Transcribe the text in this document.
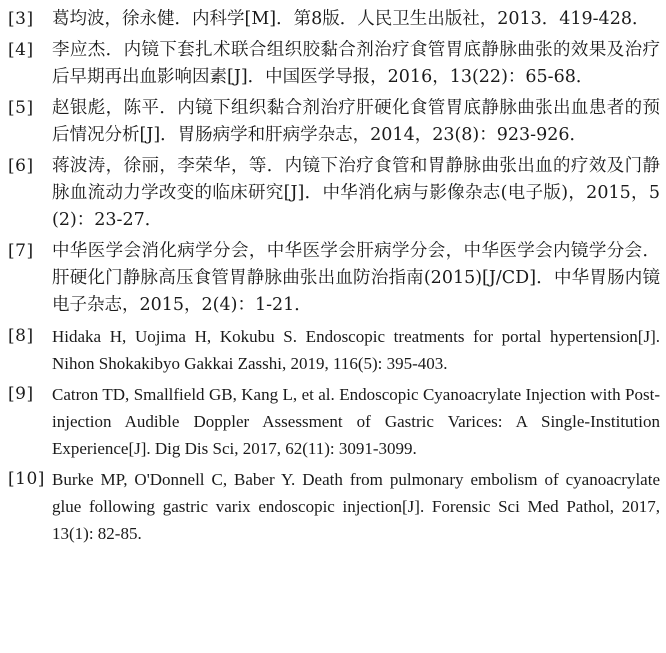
[3]	葛均波，徐永健．内科学[M]．第8版．人民卫生出版社，2013．419-428．
[4]	李应杰．内镜下套扎术联合组织胶黏合剂治疗食管胃底静脉曲张的效果及治疗后早期再出血影响因素[J]．中国医学导报，2016，13(22)：65-68．
[5]	赵银彪，陈平．内镜下组织黏合剂治疗肝硬化食管胃底静脉曲张出血患者的预后情况分析[J]．胃肠病学和肝病学杂志，2014，23(8)：923-926．
[6]	蒋波涛，徐丽，李荣华，等．内镜下治疗食管和胃静脉曲张出血的疗效及门静脉血流动力学改变的临床研究[J]．中华消化病与影像杂志(电子版)，2015，5(2)：23-27．
[7]	中华医学会消化病学分会，中华医学会肝病学分会，中华医学会内镜学分会．肝硬化门静脉高压食管胃静脉曲张出血防治指南(2015)[J/CD]．中华胃肠内镜电子杂志，2015，2(4)：1-21．
[8]	Hidaka H, Uojima H, Kokubu S. Endoscopic treatments for portal hypertension[J]. Nihon Shokakibyo Gakkai Zasshi, 2019, 116(5): 395-403.
[9]	Catron TD, Smallfield GB, Kang L, et al. Endoscopic Cyanoacrylate Injection with Post-injection Audible Doppler Assessment of Gastric Varices: A Single-Institution Experience[J]. Dig Dis Sci, 2017, 62(11): 3091-3099.
[10] Burke MP, O'Donnell C, Baber Y. Death from pulmonary embolism of cyanoacrylate glue following gastric varix endoscopic injection[J]. Forensic Sci Med Pathol, 2017, 13(1): 82-85.
